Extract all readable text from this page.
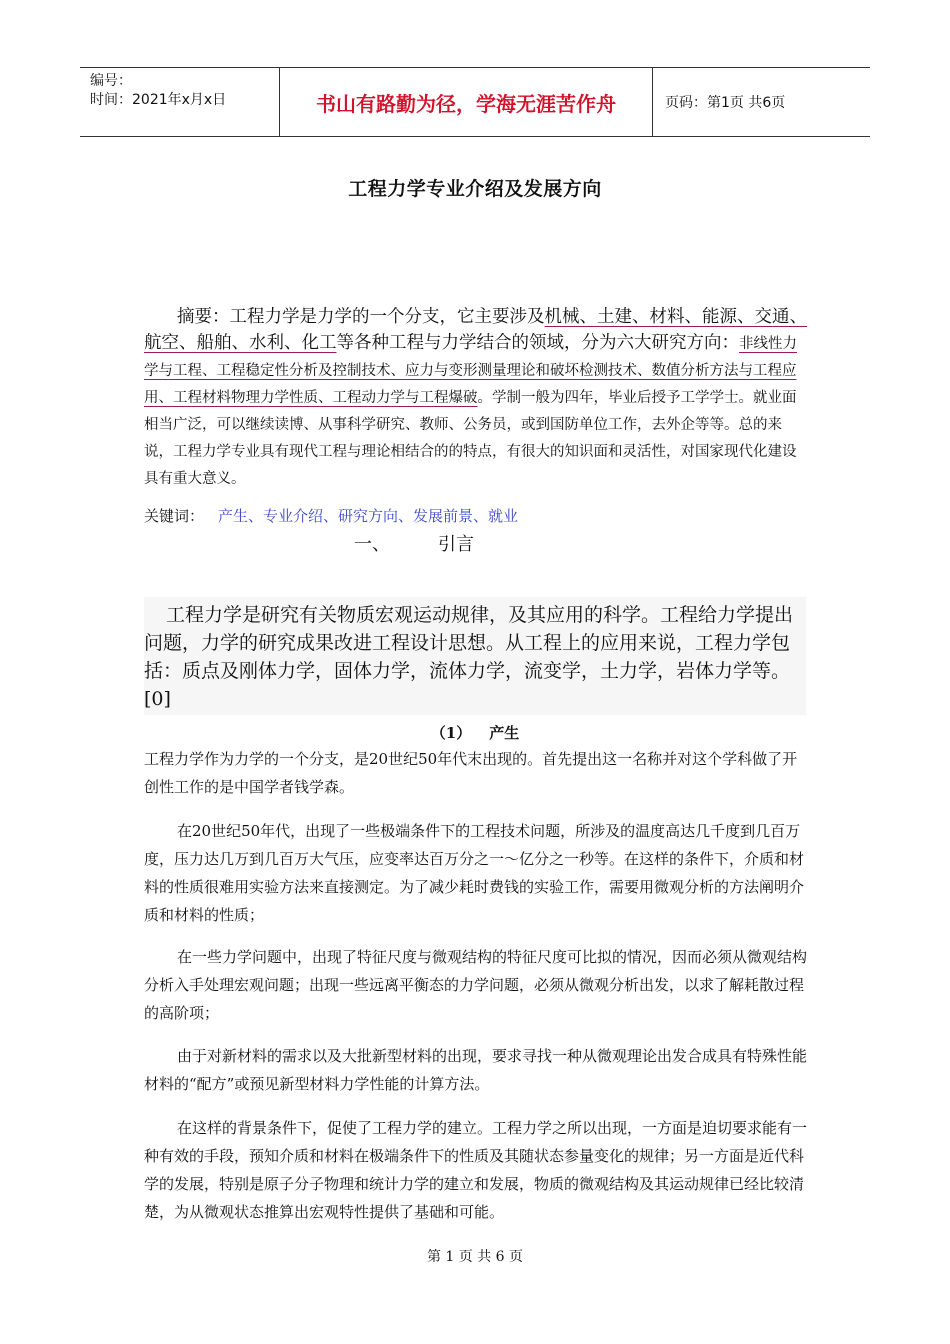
编号：
时间：2021年x月x日	书山有路勤为径，学海无涯苦作舟	页码：第1页 共6页
工程力学专业介绍及发展方向
摘要：工程力学是力学的一个分支，它主要涉及机械、土建、材料、能源、交通、航空、船舶、水利、化工等各种工程与力学结合的领域，分为六大研究方向：非线性力学与工程、工程稳定性分析及控制技术、应力与变形测量理论和破坏检测技术、数值分析方法与工程应用、工程材料物理力学性质、工程动力学与工程爆破。学制一般为四年，毕业后授予工学学士。就业面相当广泛，可以继续读博、从事科学研究、教师、公务员，或到国防单位工作，去外企等等。总的来说，工程力学专业具有现代工程与理论相结合的的特点，有很大的知识面和灵活性，对国家现代化建设具有重大意义。
关键词： 产生、专业介绍、研究方向、发展前景、就业
一、	引言
工程力学是研究有关物质宏观运动规律，及其应用的科学。工程给力学提出问题，力学的研究成果改进工程设计思想。从工程上的应用来说，工程力学包括：质点及刚体力学，固体力学，流体力学，流变学，土力学，岩体力学等。[0]
（1） 产生
工程力学作为力学的一个分支，是20世纪50年代末出现的。首先提出这一名称并对这个学科做了开创性工作的是中国学者钱学森。
在20世纪50年代，出现了一些极端条件下的工程技术问题，所涉及的温度高达几千度到几百万度，压力达几万到几百万大气压，应变率达百万分之一～亿分之一秒等。在这样的条件下，介质和材料的性质很难用实验方法来直接测定。为了减少耗时费钱的实验工作，需要用微观分析的方法阐明介质和材料的性质；
在一些力学问题中，出现了特征尺度与微观结构的特征尺度可比拟的情况，因而必须从微观结构分析入手处理宏观问题；出现一些远离平衡态的力学问题，必须从微观分析出发，以求了解耗散过程的高阶项；
由于对新材料的需求以及大批新型材料的出现，要求寻找一种从微观理论出发合成具有特殊性能材料的“配方”或预见新型材料力学性能的计算方法。
在这样的背景条件下，促使了工程力学的建立。工程力学之所以出现，一方面是迫切要求能有一种有效的手段，预知介质和材料在极端条件下的性质及其随状态参量变化的规律；另一方面是近代科学的发展，特别是原子分子物理和统计力学的建立和发展，物质的微观结构及其运动规律已经比较清楚，为从微观状态推算出宏观特性提供了基础和可能。
第 1 页 共 6 页
